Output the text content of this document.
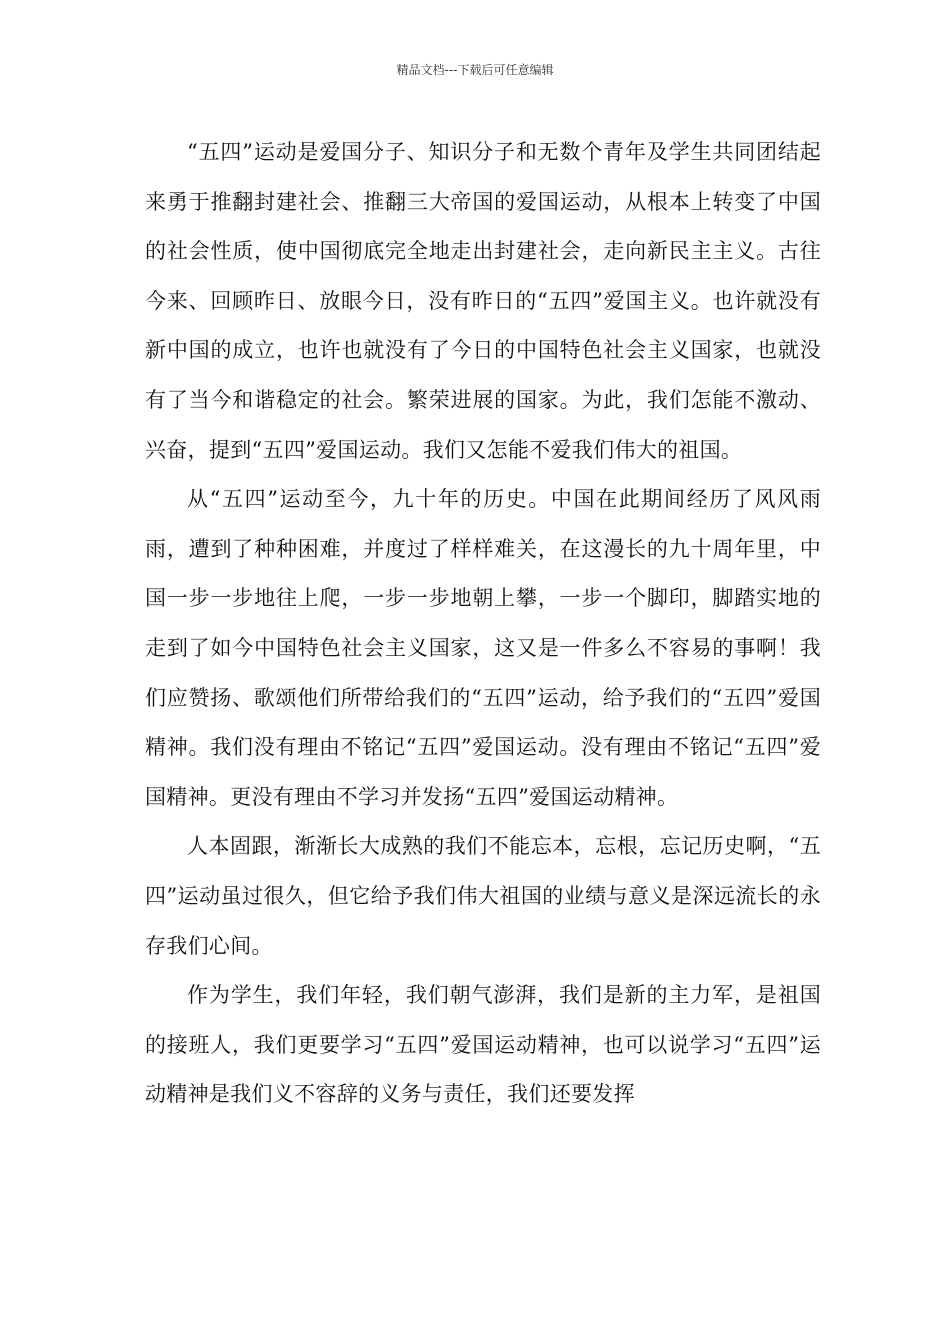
精品文档---下载后可任意编辑

“五四”运动是爱国分子、知识分子和无数个青年及学生共同团结起来勇于推翻封建社会、推翻三大帝国的爱国运动，从根本上转变了中国的社会性质，使中国彻底完全地走出封建社会，走向新民主主义。古往今来、回顾昨日、放眼今日，没有昨日的“五四”爱国主义。也许就没有新中国的成立，也许也就没有了今日的中国特色社会主义国家，也就没有了当今和谐稳定的社会。繁荣进展的国家。为此，我们怎能不激动、兴奋，提到“五四”爱国运动。我们又怎能不爱我们伟大的祖国。

从“五四”运动至今，九十年的历史。中国在此期间经历了风风雨雨，遭到了种种困难，并度过了样样难关，在这漫长的九十周年里，中国一步一步地往上爬，一步一步地朝上攀，一步一个脚印，脚踏实地的走到了如今中国特色社会主义国家，这又是一件多么不容易的事啊！我们应赞扬、歌颂他们所带给我们的“五四”运动，给予我们的“五四”爱国精神。我们没有理由不铭记“五四”爱国运动。没有理由不铭记“五四”爱国精神。更没有理由不学习并发扬“五四”爱国运动精神。

人本固跟，渐渐长大成熟的我们不能忘本，忘根，忘记历史啊，“五四”运动虽过很久，但它给予我们伟大祖国的业绩与意义是深远流长的永存我们心间。

作为学生，我们年轻，我们朝气澎湃，我们是新的主力军，是祖国的接班人，我们更要学习“五四”爱国运动精神，也可以说学习“五四”运动精神是我们义不容辞的义务与责任，我们还要发挥
